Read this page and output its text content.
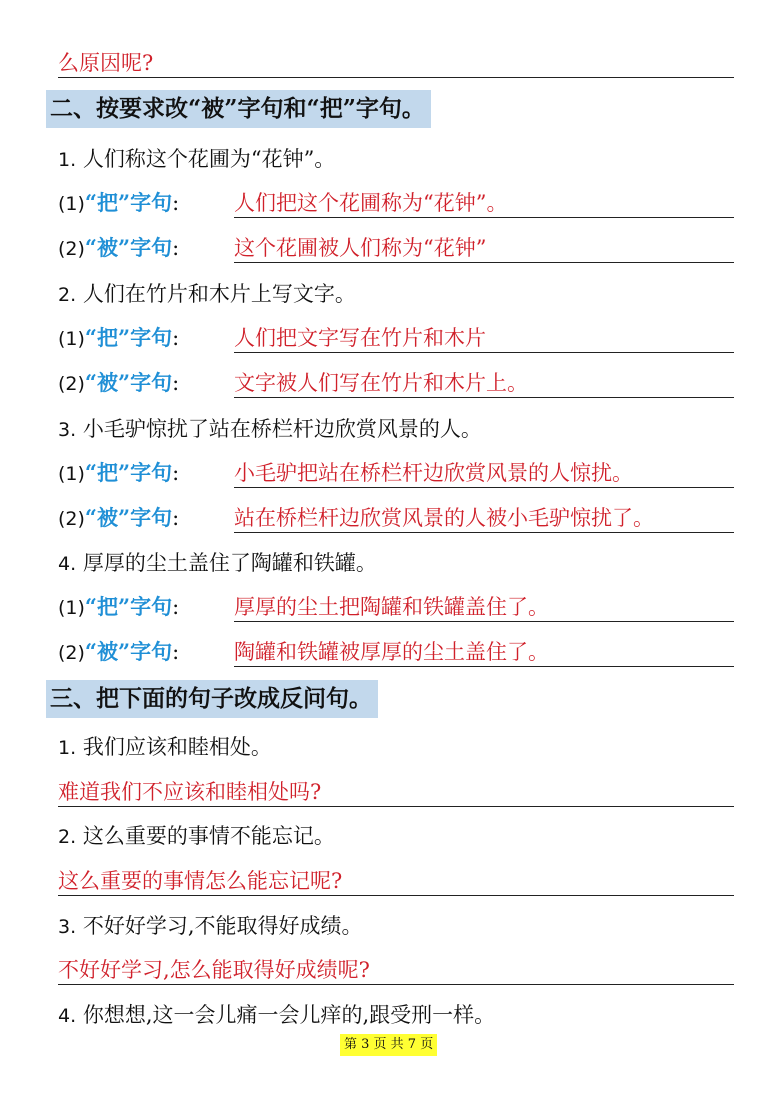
么原因呢?
二、按要求改“被”字句和“把”字句。
1. 人们称这个花圃为“花钟”。
(1)“把”字句:	人们把这个花圃称为“花钟”。
(2)“被”字句:	这个花圃被人们称为“花钟”
2. 人们在竹片和木片上写文字。
(1)“把”字句:	人们把文字写在竹片和木片
(2)“被”字句:	文字被人们写在竹片和木片上。
3. 小毛驴惊扰了站在桥栏杆边欣赏风景的人。
(1)“把”字句:	小毛驴把站在桥栏杆边欣赏风景的人惊扰。
(2)“被”字句:	站在桥栏杆边欣赏风景的人被小毛驴惊扰了。
4. 厚厚的尘土盖住了陶罐和铁罐。
(1)“把”字句:	厚厚的尘土把陶罐和铁罐盖住了。
(2)“被”字句:	陶罐和铁罐被厚厚的尘土盖住了。
三、把下面的句子改成反问句。
1. 我们应该和睦相处。
难道我们不应该和睦相处吗?
2. 这么重要的事情不能忘记。
这么重要的事情怎么能忘记呢?
3. 不好好学习,不能取得好成绩。
不好好学习,怎么能取得好成绩呢?
4. 你想想,这一会儿痛一会儿痒的,跟受刑一样。
第 3 页 共 7 页
